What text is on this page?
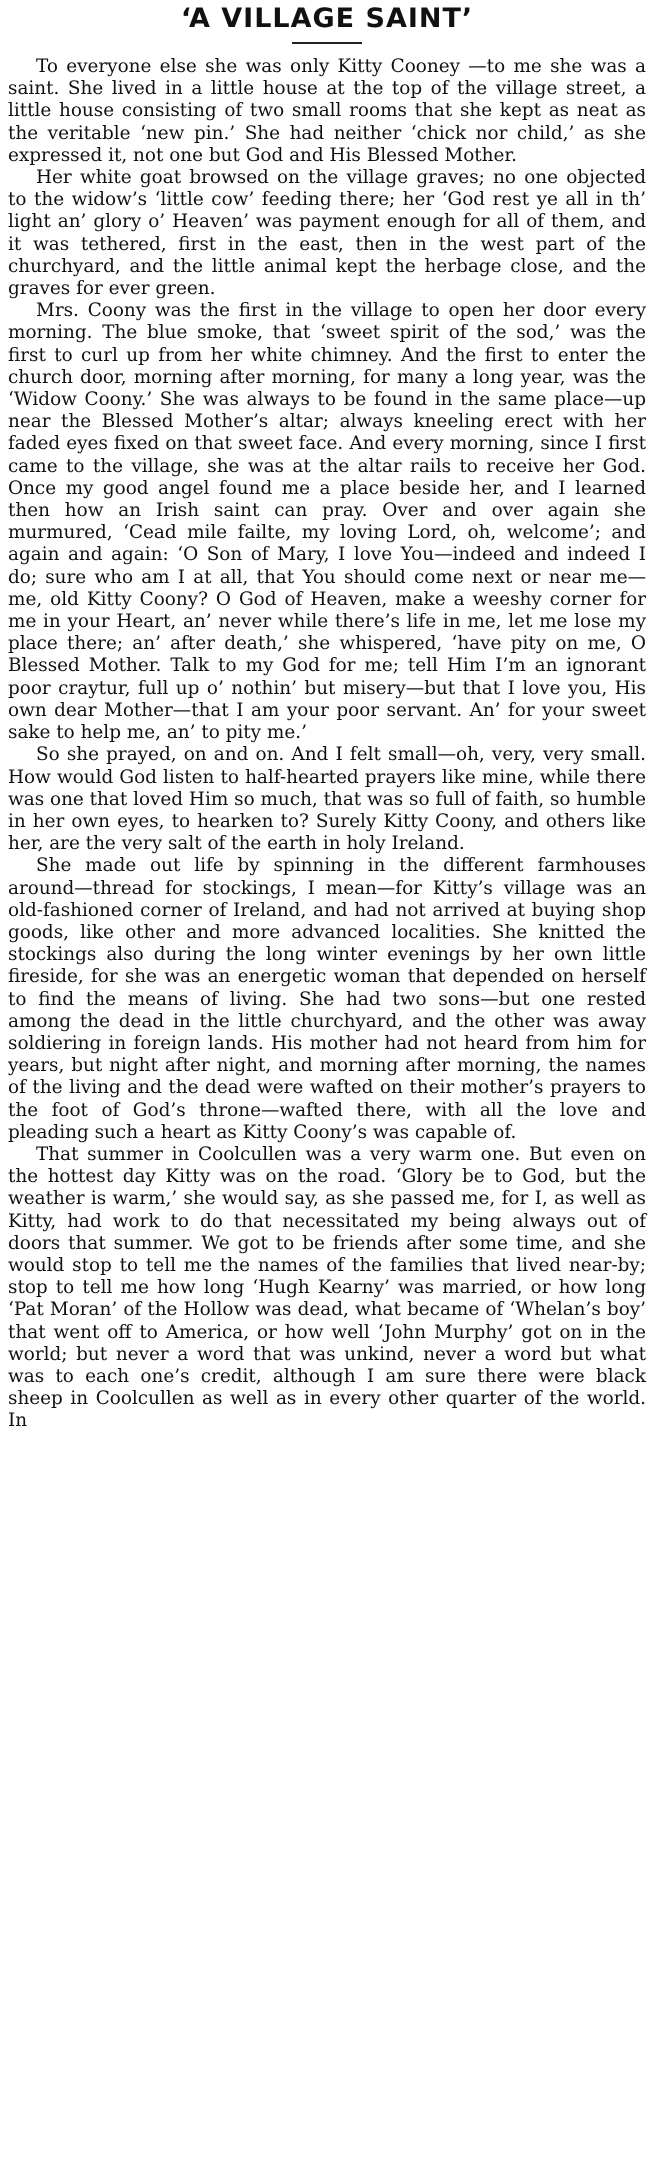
‘A VILLAGE SAINT’

To everyone else she was only Kitty Cooney —to me she was a saint. She lived in a little house at the top of the village street, a little house consisting of two small rooms that she kept as neat as the veritable ‘new pin.’ She had neither ‘chick nor child,’ as she expressed it, not one but God and His Blessed Mother.

Her white goat browsed on the village graves; no one objected to the widow’s ‘little cow’ feeding there; her ‘God rest ye all in th’ light an’ glory o’ Heaven’ was payment enough for all of them, and it was tethered, first in the east, then in the west part of the churchyard, and the little animal kept the herbage close, and the graves for ever green.

Mrs. Coony was the first in the village to open her door every morning. The blue smoke, that ‘sweet spirit of the sod,’ was the first to curl up from her white chimney. And the first to enter the church door, morning after morning, for many a long year, was the ‘Widow Coony.’ She was always to be found in the same place—up near the Blessed Mother’s altar; always kneeling erect with her faded eyes fixed on that sweet face. And every morning, since I first came to the village, she was at the altar rails to receive her God. Once my good angel found me a place beside her, and I learned then how an Irish saint can pray. Over and over again she murmured, ‘Cead mile failte, my loving Lord, oh, welcome’; and again and again: ‘O Son of Mary, I love You—indeed and indeed I do; sure who am I at all, that You should come next or near me—me, old Kitty Coony? O God of Heaven, make a weeshy corner for me in your Heart, an’ never while there’s life in me, let me lose my place there; an’ after death,’ she whispered, ‘have pity on me, O Blessed Mother. Talk to my God for me; tell Him I’m an ignorant poor craytur, full up o’ nothin’ but misery—but that I love you, His own dear Mother—that I am your poor servant. An’ for your sweet sake to help me, an’ to pity me.’

So she prayed, on and on. And I felt small—oh, very, very small. How would God listen to half-hearted prayers like mine, while there was one that loved Him so much, that was so full of faith, so humble in her own eyes, to hearken to? Surely Kitty Coony, and others like her, are the very salt of the earth in holy Ireland.

She made out life by spinning in the different farmhouses around—thread for stockings, I mean—for Kitty’s village was an old-fashioned corner of Ireland, and had not arrived at buying shop goods, like other and more advanced localities. She knitted the stockings also during the long winter evenings by her own little fireside, for she was an energetic woman that depended on herself to find the means of living. She had two sons—but one rested among the dead in the little churchyard, and the other was away soldiering in foreign lands. His mother had not heard from him for years, but night after night, and morning after morning, the names of the living and the dead were wafted on their mother’s prayers to the foot of God’s throne—wafted there, with all the love and pleading such a heart as Kitty Coony’s was capable of.

That summer in Coolcullen was a very warm one. But even on the hottest day Kitty was on the road. ‘Glory be to God, but the weather is warm,’ she would say, as she passed me, for I, as well as Kitty, had work to do that necessitated my being always out of doors that summer. We got to be friends after some time, and she would stop to tell me the names of the families that lived near-by; stop to tell me how long ‘Hugh Kearny’ was married, or how long ‘Pat Moran’ of the Hollow was dead, what became of ‘Whelan’s boy’ that went off to America, or how well ‘John Murphy’ got on in the world; but never a word that was unkind, never a word but what was to each one’s credit, although I am sure there were black sheep in Coolcullen as well as in every other quarter of the world. In
